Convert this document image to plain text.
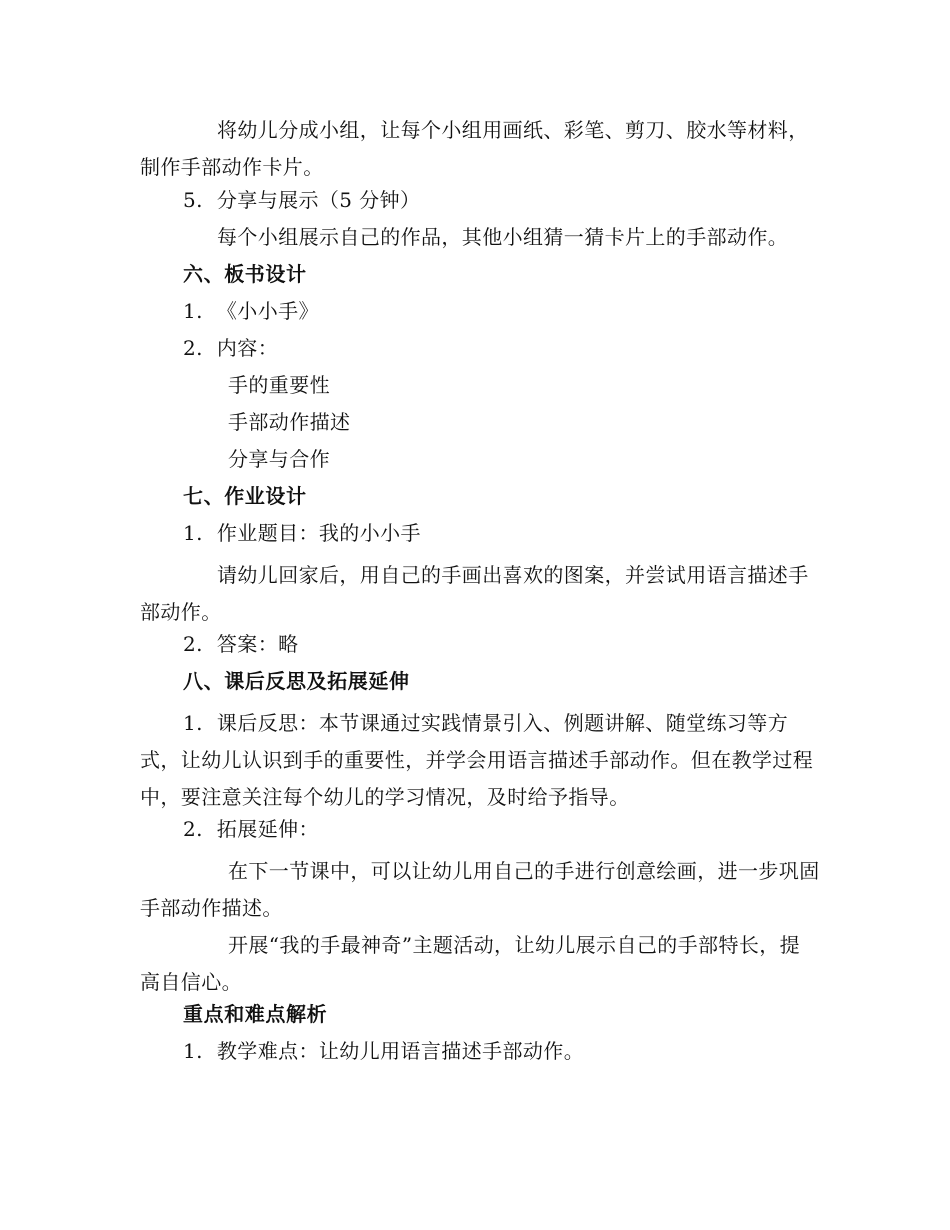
将幼儿分成小组，让每个小组用画纸、彩笔、剪刀、胶水等材料，制作手部动作卡片。

5. 分享与展示（5 分钟）
每个小组展示自己的作品，其他小组猜一猜卡片上的手部动作。
六、板书设计
1. 《小小手》
2. 内容：
手的重要性
手部动作描述
分享与合作
七、作业设计
1. 作业题目：我的小小手

请幼儿回家后，用自己的手画出喜欢的图案，并尝试用语言描述手部动作。

2. 答案：略
八、课后反思及拓展延伸

1. 课后反思：本节课通过实践情景引入、例题讲解、随堂练习等方式，让幼儿认识到手的重要性，并学会用语言描述手部动作。但在教学过程中，要注意关注每个幼儿的学习情况，及时给予指导。

2. 拓展延伸：

在下一节课中，可以让幼儿用自己的手进行创意绘画，进一步巩固手部动作描述。

开展“我的手最神奇”主题活动，让幼儿展示自己的手部特长，提高自信心。

重点和难点解析
1. 教学难点：让幼儿用语言描述手部动作。
